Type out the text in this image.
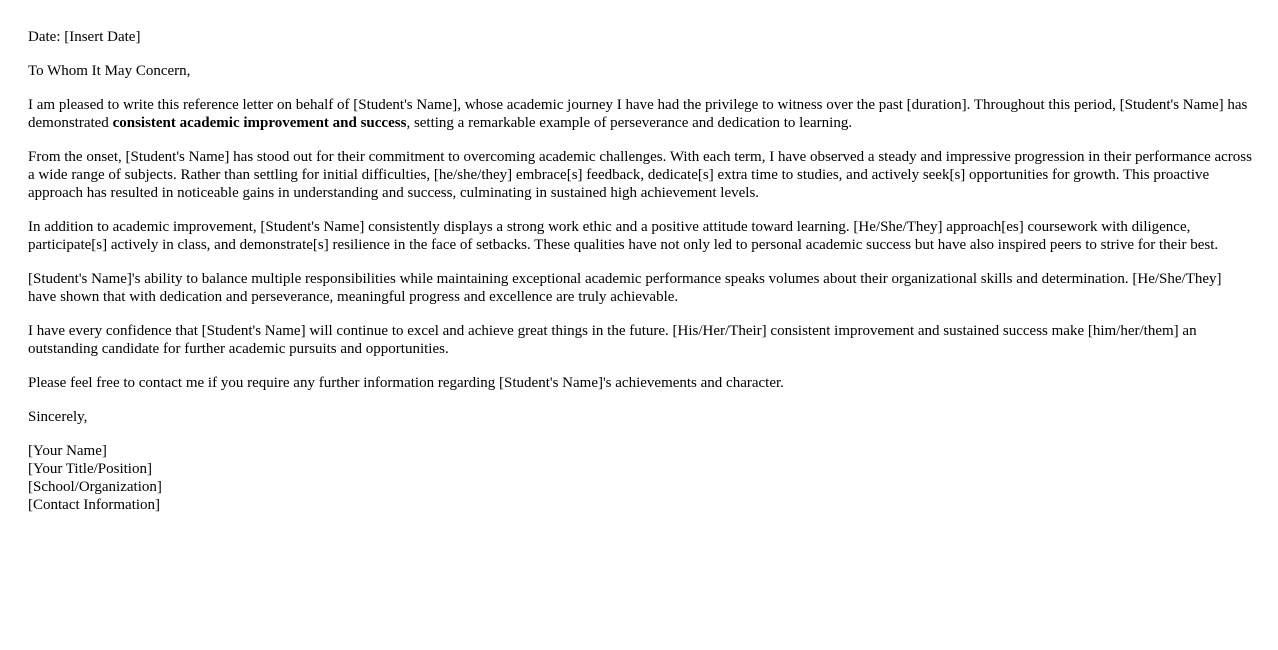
Date: [Insert Date]

To Whom It May Concern,

I am pleased to write this reference letter on behalf of [Student's Name], whose academic journey I have had the privilege to witness over the past [duration]. Throughout this period, [Student's Name] has demonstrated consistent academic improvement and success, setting a remarkable example of perseverance and dedication to learning.

From the onset, [Student's Name] has stood out for their commitment to overcoming academic challenges. With each term, I have observed a steady and impressive progression in their performance across a wide range of subjects. Rather than settling for initial difficulties, [he/she/they] embrace[s] feedback, dedicate[s] extra time to studies, and actively seek[s] opportunities for growth. This proactive approach has resulted in noticeable gains in understanding and success, culminating in sustained high achievement levels.

In addition to academic improvement, [Student's Name] consistently displays a strong work ethic and a positive attitude toward learning. [He/She/They] approach[es] coursework with diligence, participate[s] actively in class, and demonstrate[s] resilience in the face of setbacks. These qualities have not only led to personal academic success but have also inspired peers to strive for their best.

[Student's Name]'s ability to balance multiple responsibilities while maintaining exceptional academic performance speaks volumes about their organizational skills and determination. [He/She/They] have shown that with dedication and perseverance, meaningful progress and excellence are truly achievable.

I have every confidence that [Student's Name] will continue to excel and achieve great things in the future. [His/Her/Their] consistent improvement and sustained success make [him/her/them] an outstanding candidate for further academic pursuits and opportunities.

Please feel free to contact me if you require any further information regarding [Student's Name]'s achievements and character.

Sincerely,

[Your Name]
[Your Title/Position]
[School/Organization]
[Contact Information]
